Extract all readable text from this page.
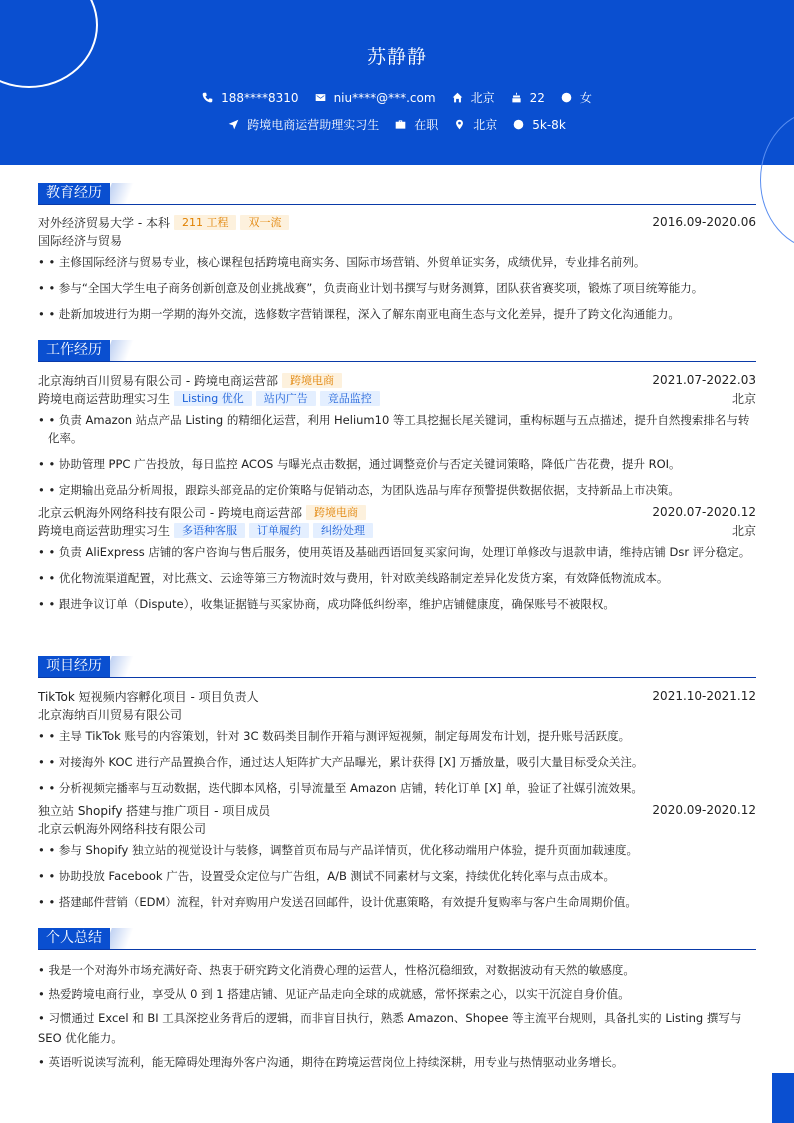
苏静静
188****8310	niu****@***.com	北京	22	女
跨境电商运营助理实习生	在职	北京	5k-8k
教育经历
对外经济贸易大学 - 本科	211 工程	双一流	2016.09-2020.06
国际经济与贸易
• • 主修国际经济与贸易专业，核心课程包括跨境电商实务、国际市场营销、外贸单证实务，成绩优异，专业排名前列。
• • 参与“全国大学生电子商务创新创意及创业挑战赛”，负责商业计划书撰写与财务测算，团队获省赛奖项，锻炼了项目统筹能力。
• • 赴新加坡进行为期一学期的海外交流，选修数字营销课程，深入了解东南亚电商生态与文化差异，提升了跨文化沟通能力。
工作经历
北京海纳百川贸易有限公司 - 跨境电商运营部	跨境电商	2021.07-2022.03
跨境电商运营助理实习生	Listing 优化	站内广告	竞品监控	北京
• • 负责 Amazon 站点产品 Listing 的精细化运营，利用 Helium10 等工具挖掘长尾关键词，重构标题与五点描述，提升自然搜索排名与转化率。
• • 协助管理 PPC 广告投放，每日监控 ACOS 与曝光点击数据，通过调整竞价与否定关键词策略，降低广告花费，提升 ROI。
• • 定期输出竞品分析周报，跟踪头部竞品的定价策略与促销动态，为团队选品与库存预警提供数据依据，支持新品上市决策。
北京云帆海外网络科技有限公司 - 跨境电商运营部	跨境电商	2020.07-2020.12
跨境电商运营助理实习生	多语种客服	订单履约	纠纷处理	北京
• • 负责 AliExpress 店铺的客户咨询与售后服务，使用英语及基础西语回复买家问询，处理订单修改与退款申请，维持店铺 Dsr 评分稳定。
• • 优化物流渠道配置，对比燕文、云途等第三方物流时效与费用，针对欧美线路制定差异化发货方案，有效降低物流成本。
• • 跟进争议订单（Dispute），收集证据链与买家协商，成功降低纠纷率，维护店铺健康度，确保账号不被限权。
项目经历
TikTok 短视频内容孵化项目 - 项目负责人	2021.10-2021.12
北京海纳百川贸易有限公司
• • 主导 TikTok 账号的内容策划，针对 3C 数码类目制作开箱与测评短视频，制定每周发布计划，提升账号活跃度。
• • 对接海外 KOC 进行产品置换合作，通过达人矩阵扩大产品曝光，累计获得 [X] 万播放量，吸引大量目标受众关注。
• • 分析视频完播率与互动数据，迭代脚本风格，引导流量至 Amazon 店铺，转化订单 [X] 单，验证了社媒引流效果。
独立站 Shopify 搭建与推广项目 - 项目成员	2020.09-2020.12
北京云帆海外网络科技有限公司
• • 参与 Shopify 独立站的视觉设计与装修，调整首页布局与产品详情页，优化移动端用户体验，提升页面加载速度。
• • 协助投放 Facebook 广告，设置受众定位与广告组，A/B 测试不同素材与文案，持续优化转化率与点击成本。
• • 搭建邮件营销（EDM）流程，针对弃购用户发送召回邮件，设计优惠策略，有效提升复购率与客户生命周期价值。
个人总结
• 我是一个对海外市场充满好奇、热衷于研究跨文化消费心理的运营人，性格沉稳细致，对数据波动有天然的敏感度。
• 热爱跨境电商行业，享受从 0 到 1 搭建店铺、见证产品走向全球的成就感，常怀探索之心，以实干沉淀自身价值。
• 习惯通过 Excel 和 BI 工具深挖业务背后的逻辑，而非盲目执行，熟悉 Amazon、Shopee 等主流平台规则，具备扎实的 Listing 撰写与 SEO 优化能力。
• 英语听说读写流利，能无障碍处理海外客户沟通，期待在跨境运营岗位上持续深耕，用专业与热情驱动业务增长。
